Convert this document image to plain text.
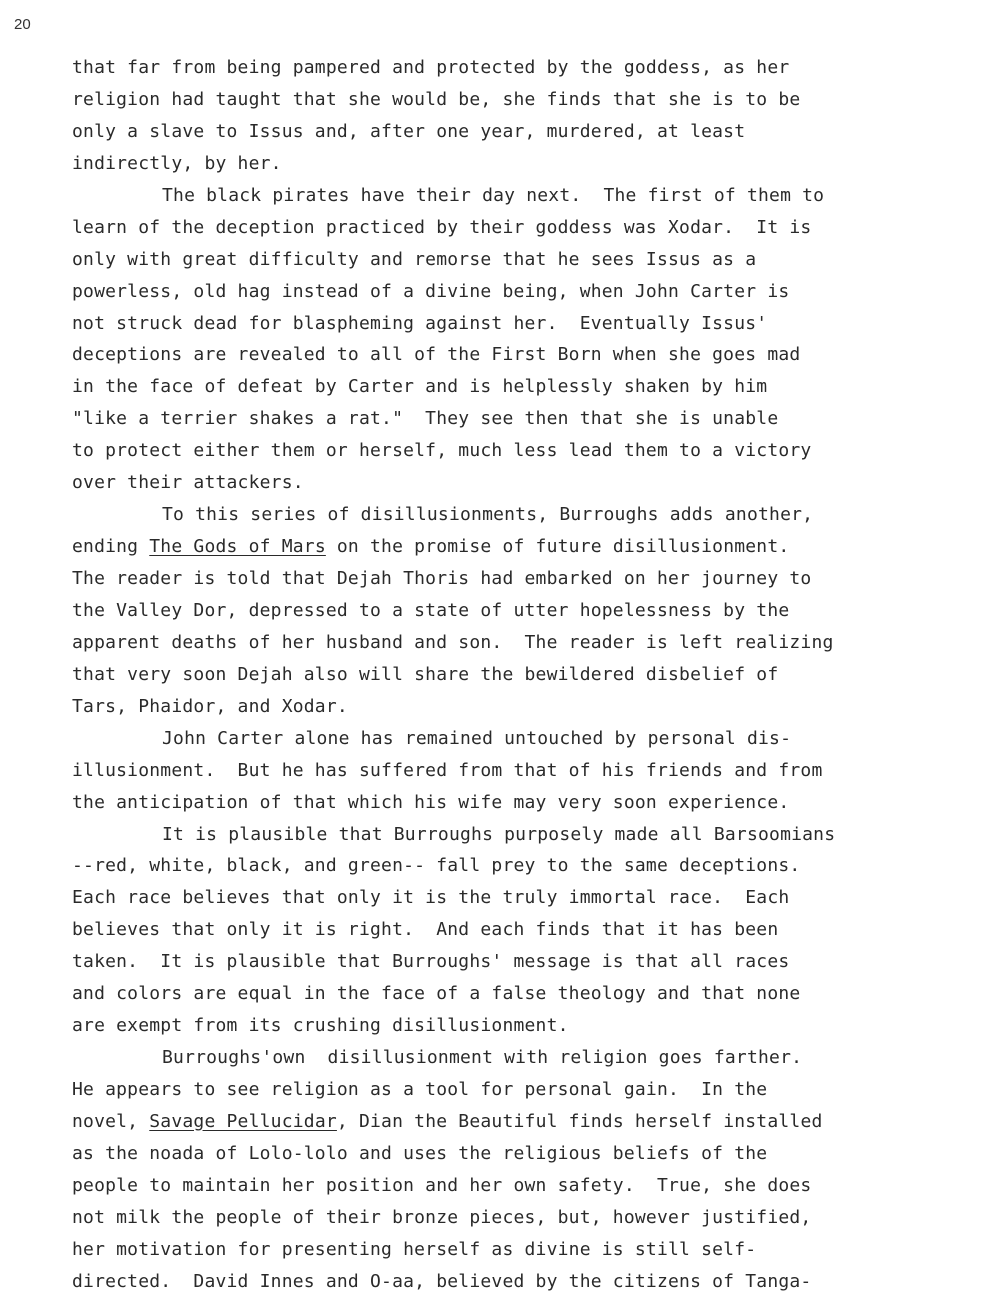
20
that far from being pampered and protected by the goddess, as her
religion had taught that she would be, she finds that she is to be
only a slave to Issus and, after one year, murdered, at least
indirectly, by her.
The black pirates have their day next.  The first of them to
learn of the deception practiced by their goddess was Xodar.  It is
only with great difficulty and remorse that he sees Issus as a
powerless, old hag instead of a divine being, when John Carter is
not struck dead for blaspheming against her.  Eventually Issus'
deceptions are revealed to all of the First Born when she goes mad
in the face of defeat by Carter and is helplessly shaken by him
"like a terrier shakes a rat."  They see then that she is unable
to protect either them or herself, much less lead them to a victory
over their attackers.
To this series of disillusionments, Burroughs adds another,
ending The Gods of Mars on the promise of future disillusionment.
The reader is told that Dejah Thoris had embarked on her journey to
the Valley Dor, depressed to a state of utter hopelessness by the
apparent deaths of her husband and son.  The reader is left realizing
that very soon Dejah also will share the bewildered disbelief of
Tars, Phaidor, and Xodar.
John Carter alone has remained untouched by personal dis-
illusionment.  But he has suffered from that of his friends and from
the anticipation of that which his wife may very soon experience.
It is plausible that Burroughs purposely made all Barsoomians
--red, white, black, and green-- fall prey to the same deceptions.
Each race believes that only it is the truly immortal race.  Each
believes that only it is right.  And each finds that it has been
taken.  It is plausible that Burroughs' message is that all races
and colors are equal in the face of a false theology and that none
are exempt from its crushing disillusionment.
Burroughs'own  disillusionment with religion goes farther.
He appears to see religion as a tool for personal gain.  In the
novel, Savage Pellucidar, Dian the Beautiful finds herself installed
as the noada of Lolo-lolo and uses the religious beliefs of the
people to maintain her position and her own safety.  True, she does
not milk the people of their bronze pieces, but, however justified,
her motivation for presenting herself as divine is still self-
directed.  David Innes and O-aa, believed by the citizens of Tanga-
